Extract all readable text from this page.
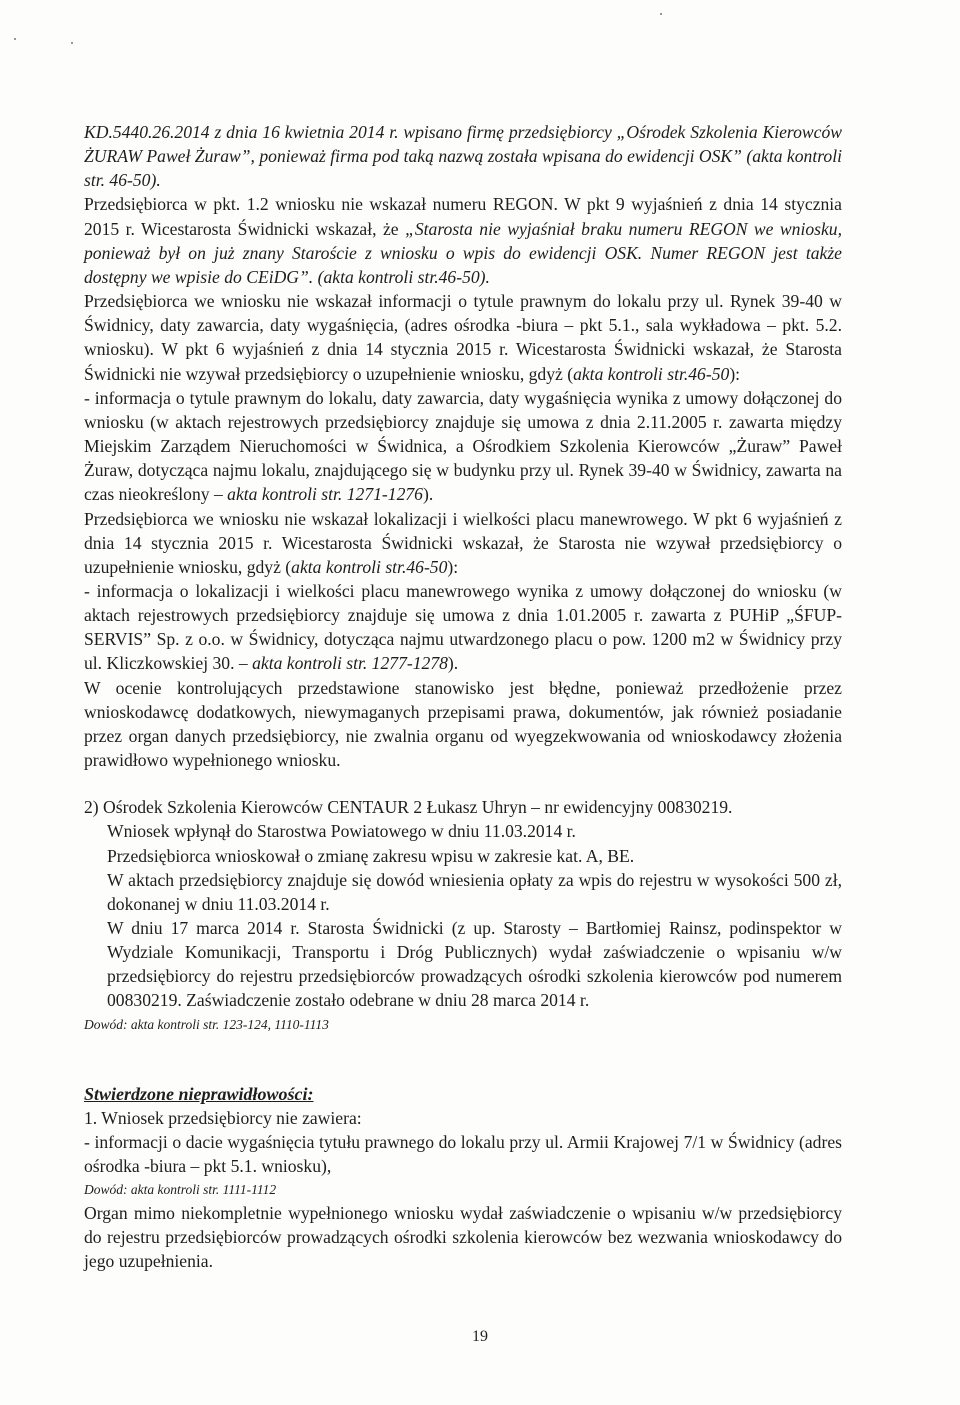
KD.5440.26.2014 z dnia 16 kwietnia 2014 r. wpisano firmę przedsiębiorcy „Ośrodek Szkolenia Kierowców ŻURAW Paweł Żuraw”, ponieważ firma pod taką nazwą została wpisana do ewidencji OSK” (akta kontroli str. 46-50).

Przedsiębiorca w pkt. 1.2 wniosku nie wskazał numeru REGON. W pkt 9 wyjaśnień z dnia 14 stycznia 2015 r. Wicestarosta Świdnicki wskazał, że „Starosta nie wyjaśniał braku numeru REGON we wniosku, ponieważ był on już znany Staroście z wniosku o wpis do ewidencji OSK. Numer REGON jest także dostępny we wpisie do CEiDG”. (akta kontroli str.46-50).

Przedsiębiorca we wniosku nie wskazał informacji o tytule prawnym do lokalu przy ul. Rynek 39-40 w Świdnicy, daty zawarcia, daty wygaśnięcia, (adres ośrodka -biura – pkt 5.1., sala wykładowa – pkt. 5.2. wniosku). W pkt 6 wyjaśnień z dnia 14 stycznia 2015 r. Wicestarosta Świdnicki wskazał, że Starosta Świdnicki nie wzywał przedsiębiorcy o uzupełnienie wniosku, gdyż (akta kontroli str.46-50):

- informacja o tytule prawnym do lokalu, daty zawarcia, daty wygaśnięcia wynika z umowy dołączonej do wniosku (w aktach rejestrowych przedsiębiorcy znajduje się umowa z dnia 2.11.2005 r. zawarta między Miejskim Zarządem Nieruchomości w Świdnica, a Ośrodkiem Szkolenia Kierowców „Żuraw” Paweł Żuraw, dotycząca najmu lokalu, znajdującego się w budynku przy ul. Rynek 39-40 w Świdnicy, zawarta na czas nieokreślony – akta kontroli str. 1271-1276).

Przedsiębiorca we wniosku nie wskazał lokalizacji i wielkości placu manewrowego. W pkt 6 wyjaśnień z dnia 14 stycznia 2015 r. Wicestarosta Świdnicki wskazał, że Starosta nie wzywał przedsiębiorcy o uzupełnienie wniosku, gdyż (akta kontroli str.46-50):

- informacja o lokalizacji i wielkości placu manewrowego wynika z umowy dołączonej do wniosku (w aktach rejestrowych przedsiębiorcy znajduje się umowa z dnia 1.01.2005 r. zawarta z PUHiP „ŚFUP-SERVIS” Sp. z o.o. w Świdnicy, dotycząca najmu utwardzonego placu o pow. 1200 m2 w Świdnicy przy ul. Kliczkowskiej 30. – akta kontroli str. 1277-1278).

W ocenie kontrolujących przedstawione stanowisko jest błędne, ponieważ przedłożenie przez wnioskodawcę dodatkowych, niewymaganych przepisami prawa, dokumentów, jak również posiadanie przez organ danych przedsiębiorcy, nie zwalnia organu od wyegzekwowania od wnioskodawcy złożenia prawidłowo wypełnionego wniosku.

2) Ośrodek Szkolenia Kierowców CENTAUR 2 Łukasz Uhryn – nr ewidencyjny 00830219.

Wniosek wpłynął do Starostwa Powiatowego w dniu 11.03.2014 r.

Przedsiębiorca wnioskował o zmianę zakresu wpisu w zakresie kat. A, BE.

W aktach przedsiębiorcy znajduje się dowód wniesienia opłaty za wpis do rejestru w wysokości 500 zł, dokonanej w dniu 11.03.2014 r.

W dniu 17 marca 2014 r. Starosta Świdnicki (z up. Starosty – Bartłomiej Rainsz, podinspektor w Wydziale Komunikacji, Transportu i Dróg Publicznych) wydał zaświadczenie o wpisaniu w/w przedsiębiorcy do rejestru przedsiębiorców prowadzących ośrodki szkolenia kierowców pod numerem 00830219. Zaświadczenie zostało odebrane w dniu 28 marca 2014 r.

Dowód: akta kontroli str. 123-124, 1110-1113

Stwierdzone nieprawidłowości:

1. Wniosek przedsiębiorcy nie zawiera:

- informacji o dacie wygaśnięcia tytułu prawnego do lokalu przy ul. Armii Krajowej 7/1 w Świdnicy (adres ośrodka -biura – pkt 5.1. wniosku),

Dowód: akta kontroli str. 1111-1112

Organ mimo niekompletnie wypełnionego wniosku wydał zaświadczenie o wpisaniu w/w przedsiębiorcy do rejestru przedsiębiorców prowadzących ośrodki szkolenia kierowców bez wezwania wnioskodawcy do jego uzupełnienia.

19
